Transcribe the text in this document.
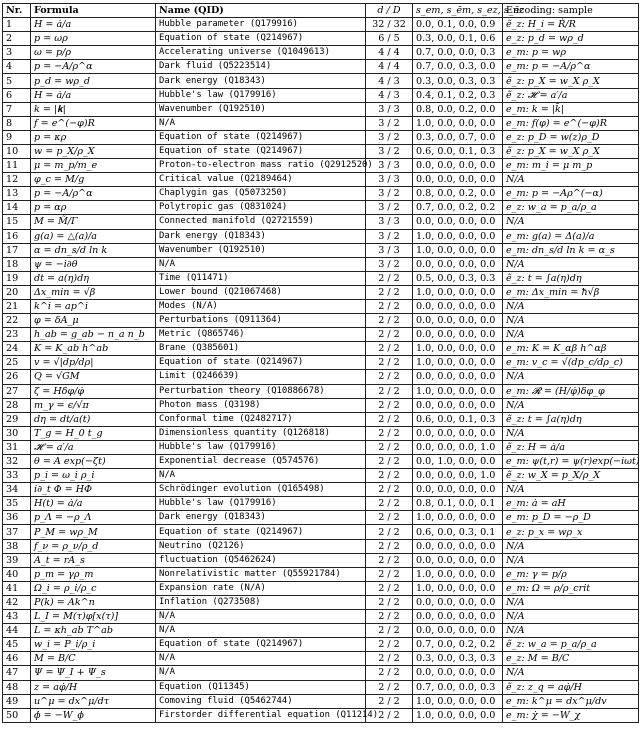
Nr.	Formula	Name (QID)	d / D	s_em, s_ēm, s_ez, s_ēz	Encoding: sample
1	H = ȧ/a	Hubble parameter (Q179916)	32 / 32	0.0, 0.1, 0.0, 0.9	ẽ_z: H_i = Ṙ/R
2	p = ωρ	Equation of state (Q214967)	6 / 5	0.3, 0.0, 0.1, 0.6	e_z: p_d = wρ_d
3	ω = p/ρ	Accelerating universe (Q1049613)	4 / 4	0.7, 0.0, 0.0, 0.3	e_m: p = wρ
4	p = −A/ρ^α	Dark fluid (Q5223514)	4 / 4	0.7, 0.0, 0.3, 0.0	e_m: p = −A/ρ^α
5	p_d = wρ_d	Dark energy (Q18343)	4 / 3	0.3, 0.0, 0.3, 0.3	ẽ_z: p_X = w_X ρ_X
6	H = ȧ/a	Hubble's law (Q179916)	4 / 3	0.4, 0.1, 0.2, 0.3	ẽ_z: 𝓗 = a′/a
7	k = |𝐤|	Wavenumber (Q192510)	3 / 3	0.8, 0.0, 0.2, 0.0	e_m: k = |k̄|
8	f = e^(−φ)R	N/A	3 / 2	1.0, 0.0, 0.0, 0.0	e_m: f(φ) = e^(−φ)R
9	p = κρ	Equation of state (Q214967)	3 / 2	0.3, 0.0, 0.7, 0.0	e_z: p_D = w(z)ρ_D
10	w = p_X/ρ_X	Equation of state (Q214967)	3 / 2	0.6, 0.0, 0.1, 0.3	ẽ_z: p_X = w_X ρ_X
11	μ = m_p/m_e	Proton-to-electron mass ratio (Q2912520)	3 / 3	0.0, 0.0, 0.0, 0.0	e_m: m_i = μ m_p
12	φ_c = M/g	Critical value (Q2189464)	3 / 3	0.0, 0.0, 0.0, 0.0	N/A
13	p = −A/ρ^α	Chaplygin gas (Q5073250)	3 / 2	0.8, 0.0, 0.2, 0.0	e_m: p = −Aρ^(−α)
14	p = αρ	Polytropic gas (Q831024)	3 / 2	0.7, 0.0, 0.2, 0.2	e_z: w_a = p_a/ρ_a
15	M = M̃/Γ	Connected manifold (Q2721559)	3 / 3	0.0, 0.0, 0.0, 0.0	N/A
16	g(a) = △(a)/a	Dark energy (Q18343)	3 / 2	1.0, 0.0, 0.0, 0.0	e_m: g(a) = Δ(a)/a
17	α = dn_s/d ln k	Wavenumber (Q192510)	3 / 3	1.0, 0.0, 0.0, 0.0	e_m: dn_s/d ln k = α_s
18	ψ = −i∂θ	N/A	3 / 2	0.0, 0.0, 0.0, 0.0	N/A
19	dt = a(η)dη	Time (Q11471)	2 / 2	0.5, 0.0, 0.3, 0.3	ẽ_z: t = ∫a(η)dη
20	Δx_min = √β	Lower bound (Q21067468)	2 / 2	1.0, 0.0, 0.0, 0.0	e_m: Δx_min = ħ√β
21	k^i = ap^i	Modes (N/A)	2 / 2	0.0, 0.0, 0.0, 0.0	N/A
22	φ = δA_μ	Perturbations (Q911364)	2 / 2	0.0, 0.0, 0.0, 0.0	N/A
23	h_ab = g_ab − n_a n_b	Metric (Q865746)	2 / 2	0.0, 0.0, 0.0, 0.0	N/A
24	K = K_ab h^ab	Brane (Q385601)	2 / 2	1.0, 0.0, 0.0, 0.0	e_m: K = K_αβ h^αβ
25	v = √|dp/dρ|	Equation of state (Q214967)	2 / 2	1.0, 0.0, 0.0, 0.0	e_m: v_c = √(dp_c/dρ_c)
26	Q = √GM	Limit (Q246639)	2 / 2	0.0, 0.0, 0.0, 0.0	N/A
27	ζ = Hδφ/φ̇	Perturbation theory (Q10886678)	2 / 2	1.0, 0.0, 0.0, 0.0	e_m: 𝓡 = (H/φ̇)δφ_φ
28	m_γ = ϵ/√π	Photon mass (Q3198)	2 / 2	0.0, 0.0, 0.0, 0.0	N/A
29	dη = dt/a(t)	Conformal time (Q2482717)	2 / 2	0.6, 0.0, 0.1, 0.3	ẽ_z: t = ∫a(η)dη
30	T_g = H_0 t_g	Dimensionless quantity (Q126818)	2 / 2	0.0, 0.0, 0.0, 0.0	N/A
31	𝓗 = a′/a	Hubble's law (Q179916)	2 / 2	0.0, 0.0, 0.0, 1.0	ẽ_z: H = ȧ/a
32	θ = A exp(−ζt)	Exponential decrease (Q574576)	2 / 2	0.0, 1.0, 0.0, 0.0	e_m: ψ(t,r) = ψ(r)exp(−iωt)
33	p_i = ω_i ρ_i	N/A	2 / 2	0.0, 0.0, 0.0, 1.0	ẽ_z: w_X = p_X/ρ_X
34	i∂_t Φ = HΦ	Schrödinger evolution (Q165498)	2 / 2	0.0, 0.0, 0.0, 0.0	N/A
35	H(t) = ȧ/a	Hubble's law (Q179916)	2 / 2	0.8, 0.1, 0.0, 0.1	e_m: ȧ = aH
36	p_Λ = −ρ_Λ	Dark energy (Q18343)	2 / 2	1.0, 0.0, 0.0, 0.0	e_m: p_D = −ρ_D
37	P_M = wρ_M	Equation of state (Q214967)	2 / 2	0.6, 0.0, 0.3, 0.1	e_z: p_x = wρ_x
38	f_ν = ρ_ν/ρ_d	Neutrino (Q2126)	2 / 2	0.0, 0.0, 0.0, 0.0	N/A
39	A_t = rA_s	fluctuation (Q5462624)	2 / 2	0.0, 0.0, 0.0, 0.0	N/A
40	p_m = γρ_m	Nonrelativistic matter (Q55921784)	2 / 2	1.0, 0.0, 0.0, 0.0	e_m: γ = p/ρ
41	Ω_i = ρ_i/ρ_c	Expansion rate (N/A)	2 / 2	1.0, 0.0, 0.0, 0.0	e_m: Ω = ρ/ρ_crit
42	P(k) = Ak^n	Inflation (Q273508)	2 / 2	0.0, 0.0, 0.0, 0.0	N/A
43	L_I = M(τ)φ[x(τ)]	N/A	2 / 2	0.0, 0.0, 0.0, 0.0	N/A
44	L = κh_ab T^ab	N/A	2 / 2	0.0, 0.0, 0.0, 0.0	N/A
45	w_i = P_i/ρ_i	Equation of state (Q214967)	2 / 2	0.7, 0.0, 0.2, 0.2	ẽ_z: w_a = p_a/ρ_a
46	M = B/C	N/A	2 / 2	0.3, 0.0, 0.3, 0.3	e_z: M = B/C
47	Ψ = Ψ_I + Ψ_s	N/A	2 / 2	0.0, 0.0, 0.0, 0.0	N/A
48	z = aφ̇/H	Equation (Q11345)	2 / 2	0.7, 0.0, 0.0, 0.3	ẽ_z: z_q = aφ̇/H
49	u^μ = dx^μ/dτ	Comoving fluid (Q5462744)	2 / 2	1.0, 0.0, 0.0, 0.0	e_m: k^μ = dx^μ/dv
50	ϕ̇ = −W_ϕ	Firstorder differential equation (Q11214)	2 / 2	1.0, 0.0, 0.0, 0.0	e_m: χ̇ = −W_χ
